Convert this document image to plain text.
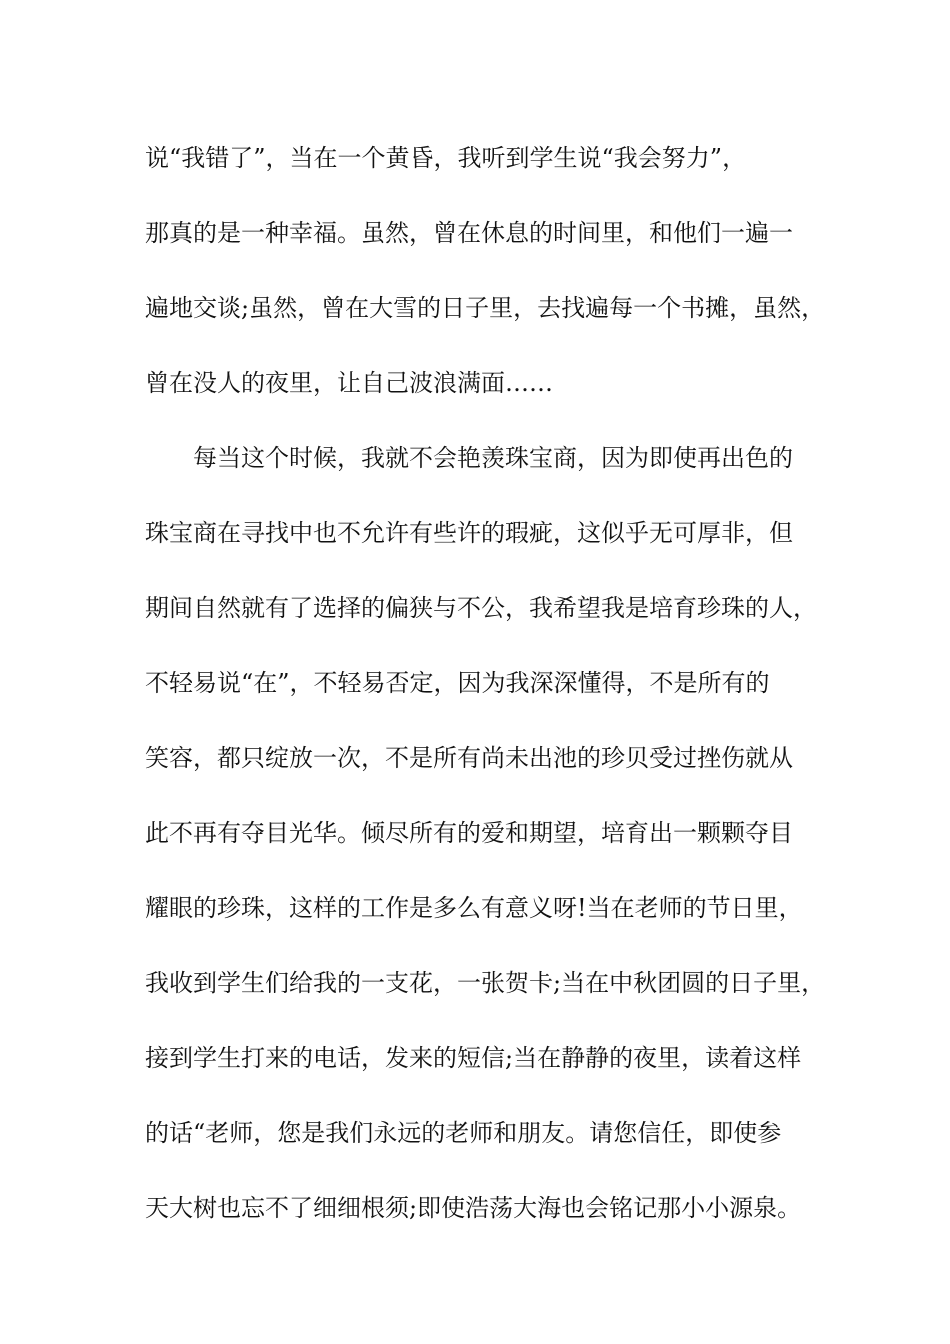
说“我错了”，当在一个黄昏，我听到学生说“我会努力”，
那真的是一种幸福。虽然，曾在休息的时间里，和他们一遍一
遍地交谈;虽然，曾在大雪的日子里，去找遍每一个书摊，虽然，
曾在没人的夜里，让自己波浪满面……
每当这个时候，我就不会艳羡珠宝商，因为即使再出色的
珠宝商在寻找中也不允许有些许的瑕疵，这似乎无可厚非，但
期间自然就有了选择的偏狭与不公，我希望我是培育珍珠的人，
不轻易说“在”，不轻易否定，因为我深深懂得，不是所有的
笑容，都只绽放一次，不是所有尚未出池的珍贝受过挫伤就从
此不再有夺目光华。倾尽所有的爱和期望，培育出一颗颗夺目
耀眼的珍珠，这样的工作是多么有意义呀!当在老师的节日里，
我收到学生们给我的一支花，一张贺卡;当在中秋团圆的日子里，
接到学生打来的电话，发来的短信;当在静静的夜里，读着这样
的话“老师，您是我们永远的老师和朋友。请您信任，即使参
天大树也忘不了细细根须;即使浩荡大海也会铭记那小小源泉。
